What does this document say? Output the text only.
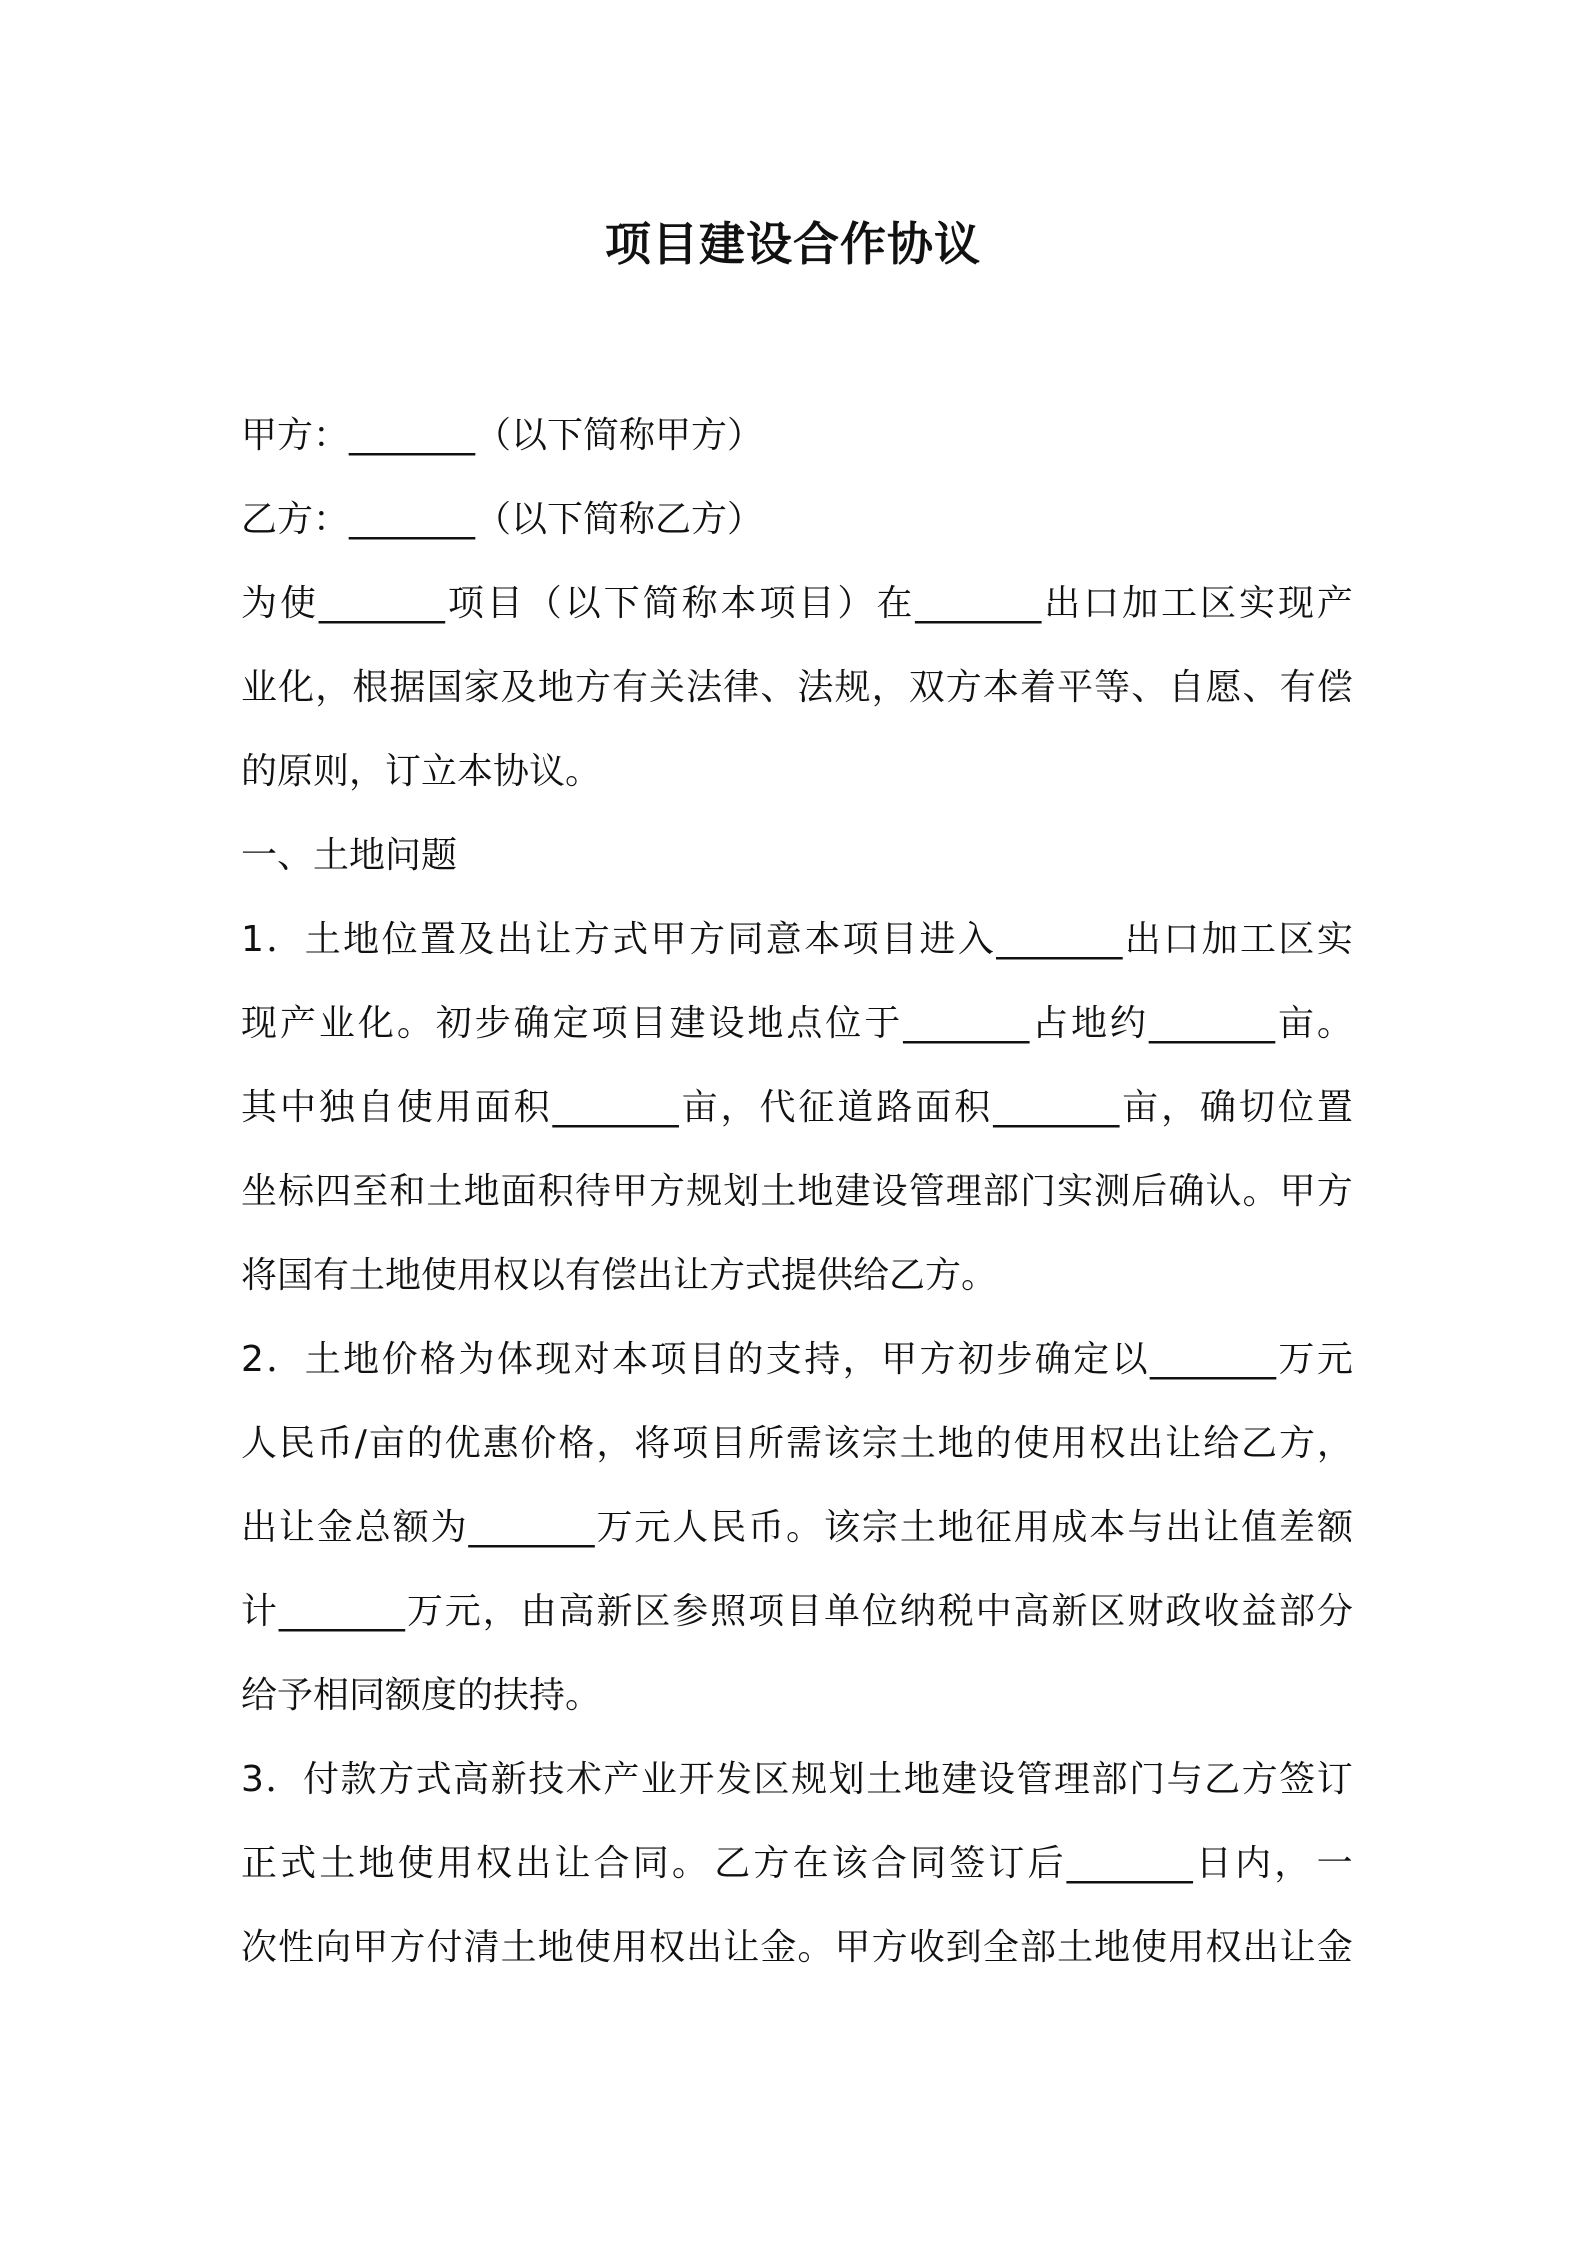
项目建设合作协议
甲方：_______（以下简称甲方）
乙方：_______（以下简称乙方）
为 使 _______ 项 目 （ 以 下 简 称 本 项 目 ） 在 _______ 出 口 加 工 区 实 现 产
业 化 ， 根 据 国 家 及 地 方 有 关 法 律 、 法 规 ， 双 方 本 着 平 等 、 自 愿 、 有 偿
的原则，订立本协议。
一、土地问题
1 ． 土 地 位 置 及 出 让 方 式 甲 方 同 意 本 项 目 进 入 _______ 出 口 加 工 区 实
现 产 业 化 。 初 步 确 定 项 目 建 设 地 点 位 于 _______ 占 地 约 _______ 亩 。
其 中 独 自 使 用 面 积 _______ 亩 ， 代 征 道 路 面 积 _______ 亩 ， 确 切 位 置
坐 标 四 至 和 土 地 面 积 待 甲 方 规 划 土 地 建 设 管 理 部 门 实 测 后 确 认 。 甲 方
将国有土地使用权以有偿出让方式提供给乙方。
2 ． 土 地 价 格 为 体 现 对 本 项 目 的 支 持 ， 甲 方 初 步 确 定 以 _______ 万 元
人 民 币 / 亩 的 优 惠 价 格 ， 将 项 目 所 需 该 宗 土 地 的 使 用 权 出 让 给 乙 方 ，
出 让 金 总 额 为 _______ 万 元 人 民 币 。 该 宗 土 地 征 用 成 本 与 出 让 值 差 额
计 _______ 万 元 ， 由 高 新 区 参 照 项 目 单 位 纳 税 中 高 新 区 财 政 收 益 部 分
给予相同额度的扶持。
3 ． 付 款 方 式 高 新 技 术 产 业 开 发 区 规 划 土 地 建 设 管 理 部 门 与 乙 方 签 订
正 式 土 地 使 用 权 出 让 合 同 。 乙 方 在 该 合 同 签 订 后 _______ 日 内 ， 一
次 性 向 甲 方 付 清 土 地 使 用 权 出 让 金 。 甲 方 收 到 全 部 土 地 使 用 权 出 让 金
